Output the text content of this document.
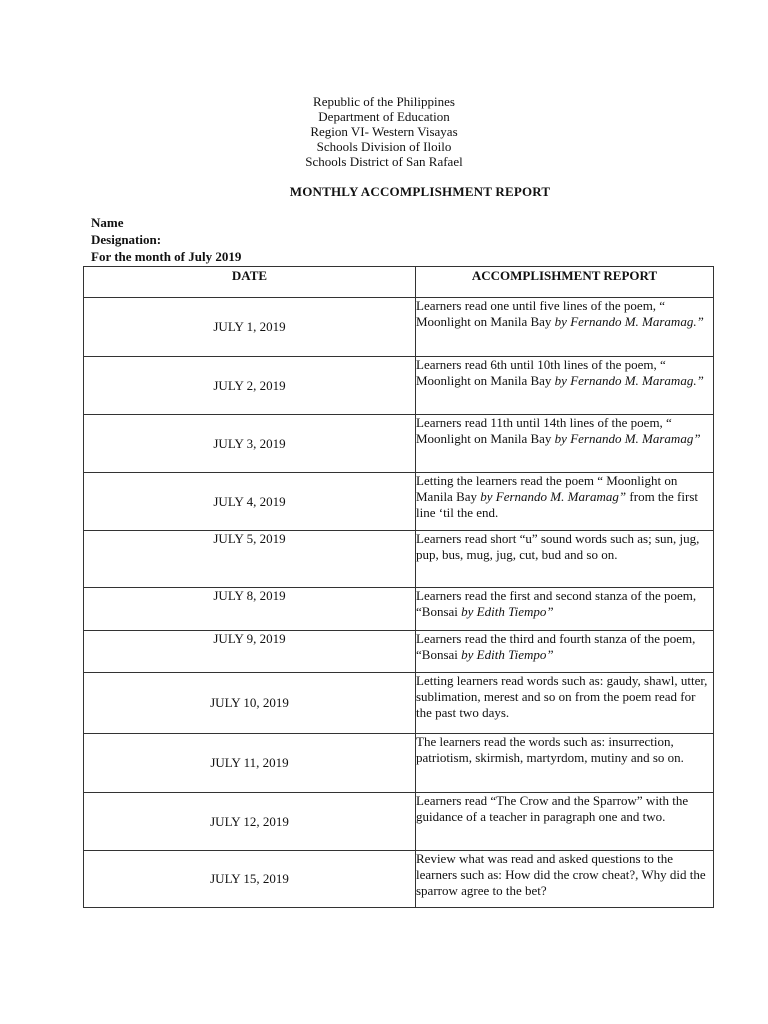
Republic of the Philippines
Department of Education
Region VI- Western Visayas
Schools Division of Iloilo
Schools District of San Rafael
MONTHLY ACCOMPLISHMENT REPORT
Name
Designation:
For the month of July 2019
DATE	ACCOMPLISHMENT REPORT
JULY 1, 2019	Learners read one until five lines of the poem, “ Moonlight on Manila Bay by Fernando M. Maramag.”
JULY 2, 2019	Learners read 6th until 10th lines of the poem, “ Moonlight on Manila Bay by Fernando M. Maramag.”
JULY 3, 2019	Learners read 11th until 14th lines of the poem, “ Moonlight on Manila Bay by Fernando M. Maramag”
JULY 4, 2019	Letting the learners read the poem “ Moonlight on Manila Bay by Fernando M. Maramag” from the first line ‘til the end.
JULY 5, 2019	Learners read short “u” sound words such as; sun, jug, pup, bus, mug, jug, cut, bud and so on.
JULY 8, 2019	Learners read the first and second stanza of the poem, “Bonsai by Edith Tiempo”
JULY 9, 2019	Learners read the third and fourth stanza of the poem, “Bonsai by Edith Tiempo”
JULY 10, 2019	Letting learners read words such as: gaudy, shawl, utter, sublimation, merest and so on from the poem read for the past two days.
JULY 11, 2019	The learners read the words such as: insurrection, patriotism, skirmish, martyrdom, mutiny and so on.
JULY 12, 2019	Learners read “The Crow and the Sparrow” with the guidance of a teacher in paragraph one and two.
JULY 15, 2019	Review what was read and asked questions to the learners such as: How did the crow cheat?, Why did the sparrow agree to the bet?
